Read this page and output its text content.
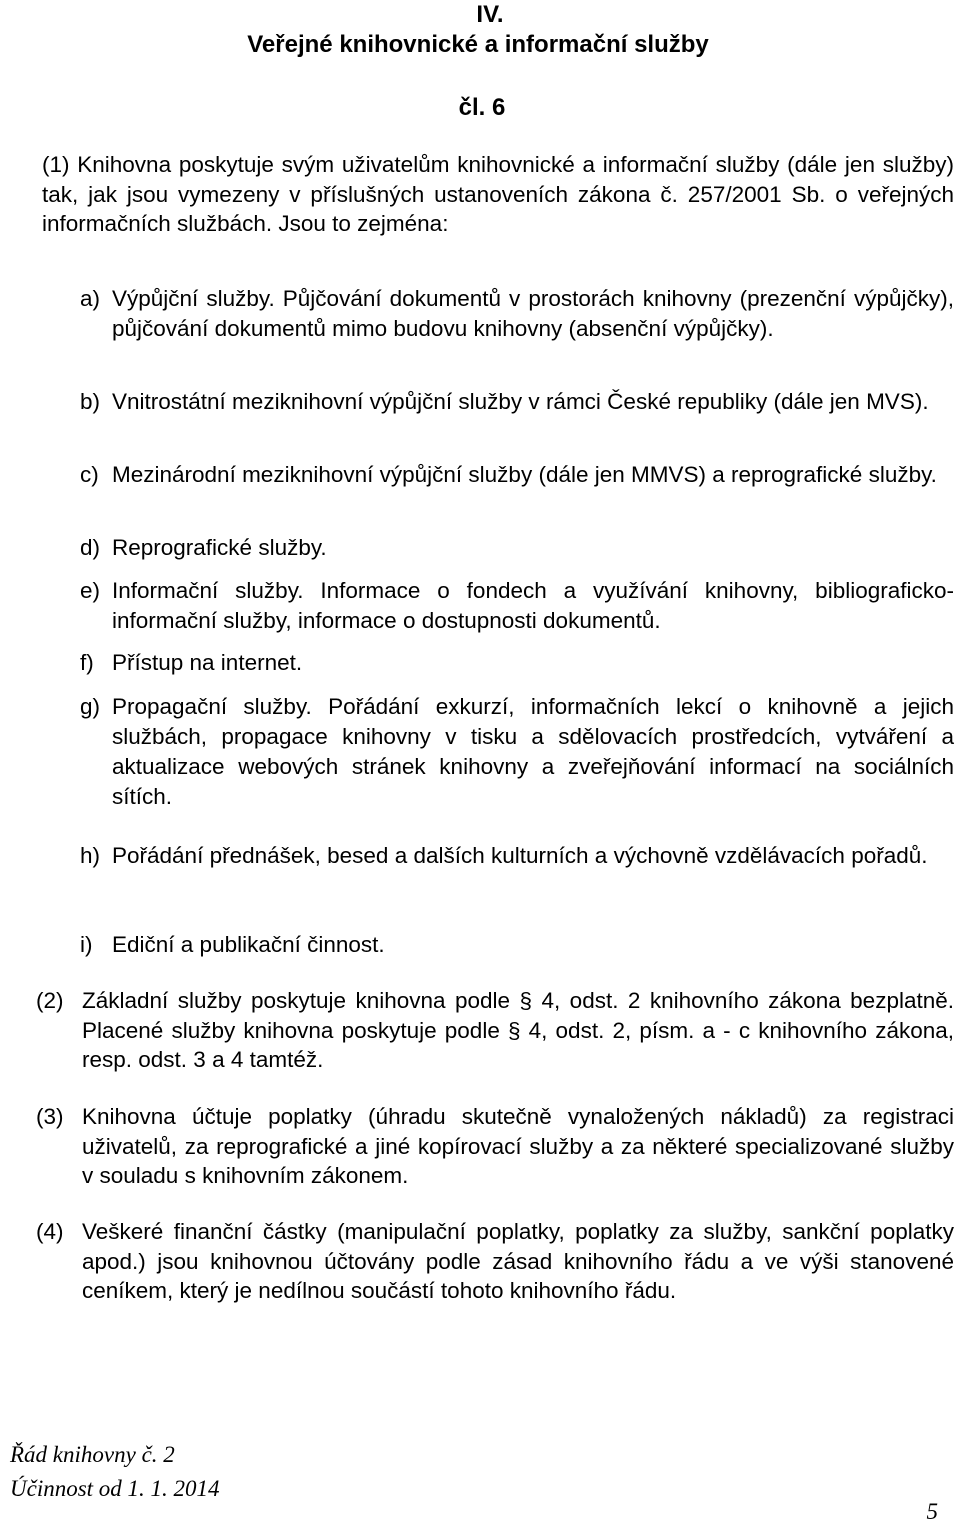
IV.
Veřejné knihovnické a informační služby
čl. 6

(1) Knihovna poskytuje svým uživatelům knihovnické a informační služby (dále jen služby) tak, jak jsou vymezeny v příslušných ustanoveních zákona č. 257/2001 Sb. o veřejných informačních službách. Jsou to zejména:

a) Výpůjční služby. Půjčování dokumentů v prostorách knihovny (prezenční výpůjčky), půjčování dokumentů mimo budovu knihovny (absenční výpůjčky).
b) Vnitrostátní meziknihovní výpůjční služby v rámci České republiky (dále jen MVS).
c) Mezinárodní meziknihovní výpůjční služby (dále jen MMVS) a reprografické služby.
d) Reprografické služby.
e) Informační služby. Informace o fondech a využívání knihovny, bibliograficko-informační služby, informace o dostupnosti dokumentů.
f) Přístup na internet.
g) Propagační služby. Pořádání exkurzí, informačních lekcí o knihovně a jejich službách, propagace knihovny v tisku a sdělovacích prostředcích, vytváření a aktualizace webových stránek knihovny a zveřejňování informací na sociálních sítích.
h) Pořádání přednášek, besed a dalších kulturních a výchovně vzdělávacích pořadů.
i) Ediční a publikační činnost.
(2) Základní služby poskytuje knihovna podle § 4, odst. 2 knihovního zákona bezplatně. Placené služby knihovna poskytuje podle § 4, odst. 2, písm. a - c knihovního zákona, resp. odst. 3 a 4 tamtéž.
(3) Knihovna účtuje poplatky (úhradu skutečně vynaložených nákladů) za registraci uživatelů, za reprografické a jiné kopírovací služby a za některé specializované služby v souladu s knihovním zákonem.
(4) Veškeré finanční částky (manipulační poplatky, poplatky za služby, sankční poplatky apod.) jsou knihovnou účtovány podle zásad knihovního řádu a ve výši stanovené ceníkem, který je nedílnou součástí tohoto knihovního řádu.

Řád knihovny č. 2

Účinnost od 1. 1. 2014

5
